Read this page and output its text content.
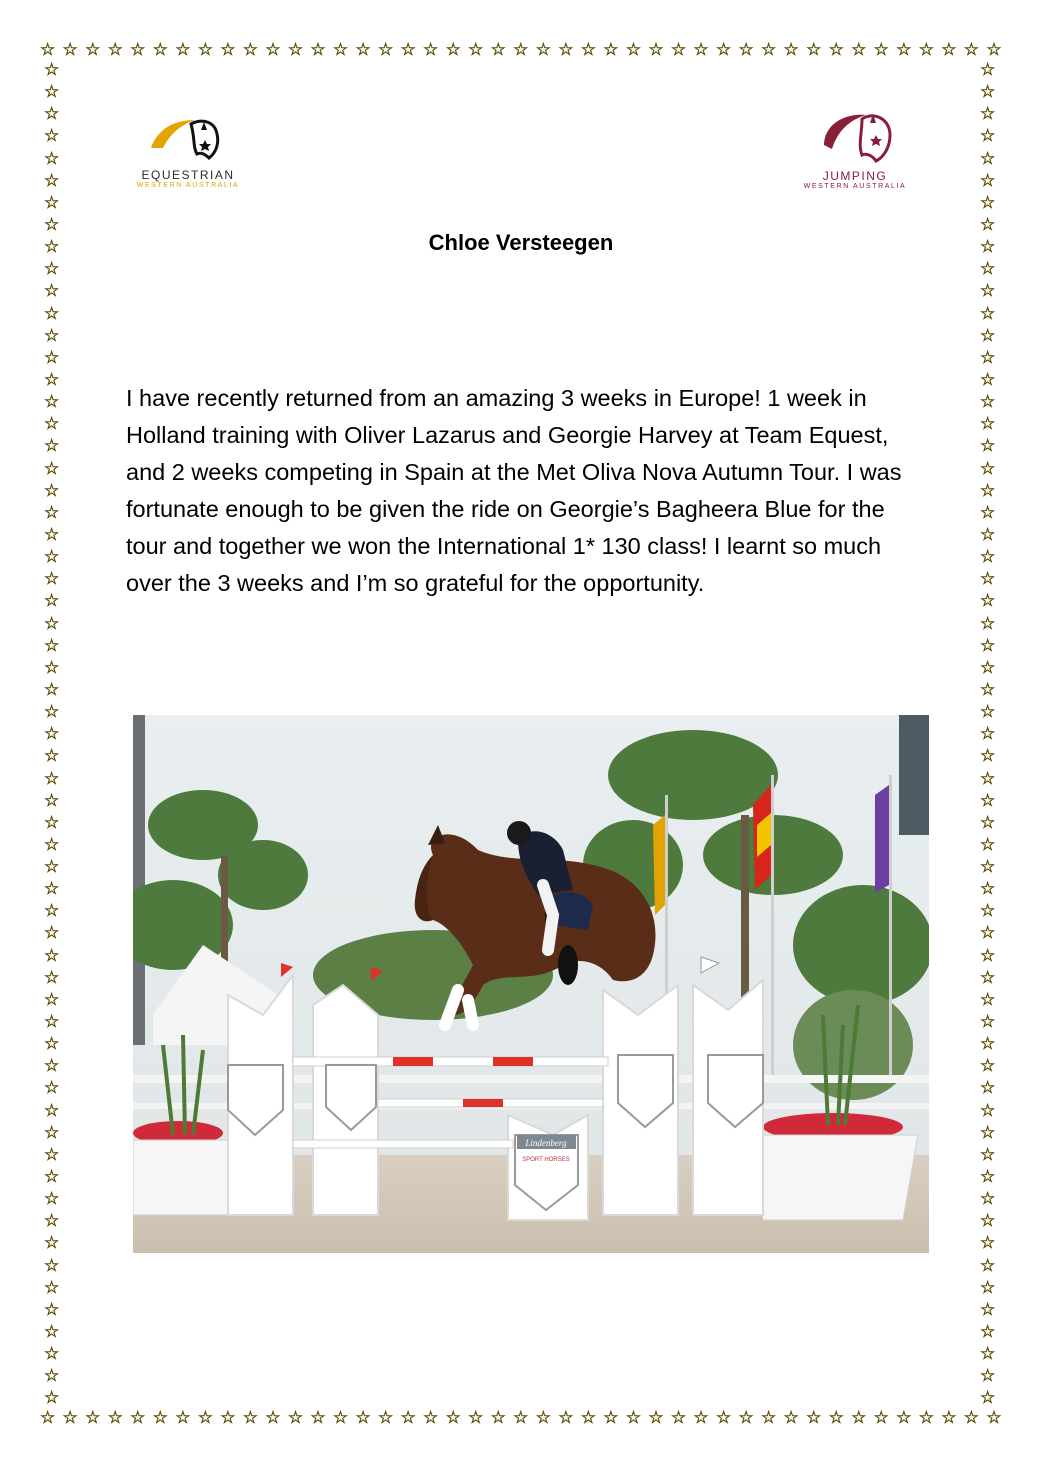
☆ ☆ ☆ ☆ ☆ ☆ ☆ ☆ ☆ ☆ ☆ ☆ ☆ ☆ ☆ ☆ ☆ ☆ ☆ ☆ ☆ ☆ ☆ ☆ ☆ ☆ ☆ ☆ ☆ ☆ ☆ ☆ ☆ ☆ ☆ ☆ ☆ ☆ ☆ ☆ ☆ ☆ ☆
☆ ☆ ☆ ☆ ☆ ☆ ☆ ☆ ☆ ☆ ☆ ☆ ☆ ☆ ☆ ☆ ☆ ☆ ☆ ☆ ☆ ☆ ☆ ☆ ☆ ☆ ☆ ☆ ☆ ☆ ☆ ☆ ☆ ☆ ☆ ☆ ☆ ☆ ☆ ☆ ☆ ☆ ☆
☆
☆
☆
☆
☆
☆
☆
☆
☆
☆
☆
☆
☆
☆
☆
☆
☆
☆
☆
☆
☆
☆
☆
☆
☆
☆
☆
☆
☆
☆
☆
☆
☆
☆
☆
☆
☆
☆
☆
☆
☆
☆
☆
☆
☆
☆
☆
☆
☆
☆
☆
☆
☆
☆
☆
☆
☆
☆
☆
☆
☆
☆
☆
☆
☆
☆
☆
☆
☆
☆
☆
☆
☆
☆
☆
☆
☆
☆
☆
☆
☆
☆
☆
☆
☆
☆
☆
☆
☆
☆
☆
☆
☆
☆
☆
☆
☆
☆
☆
☆
☆
☆
☆
☆
☆
☆
☆
☆
☆
☆
☆
☆
☆
☆
☆
☆
☆
☆
☆
☆
☆
☆
EQUESTRIAN
WESTERN AUSTRALIA
JUMPING
WESTERN AUSTRALIA
Chloe Versteegen

I have recently returned from an amazing 3 weeks in Europe! 1 week in Holland training with Oliver Lazarus and Georgie Harvey at Team Equest, and 2 weeks competing in Spain at the Met Oliva Nova Autumn Tour. I was fortunate enough to be given the ride on Georgie’s Bagheera Blue for the tour and together we won the International 1* 130 class! I learnt so much over the 3 weeks and I’m so grateful for the opportunity.

Lindenberg
SPORT HORSES
